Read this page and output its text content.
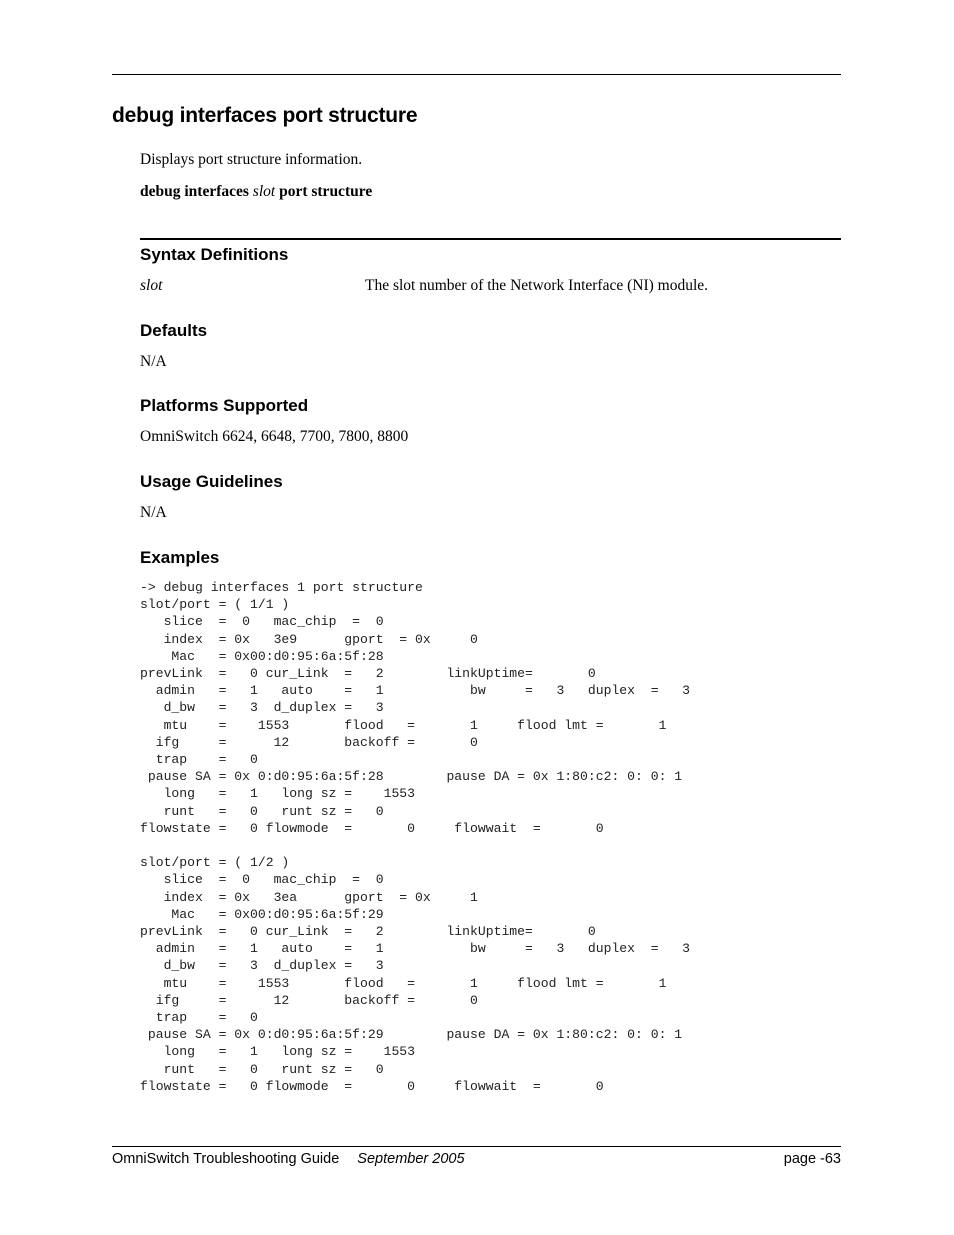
debug interfaces port structure

Displays port structure information.

debug interfaces slot port structure

Syntax Definitions
slot	The slot number of the Network Interface (NI) module.
Defaults

N/A

Platforms Supported

OmniSwitch 6624, 6648, 7700, 7800, 8800

Usage Guidelines

N/A

Examples
-> debug interfaces 1 port structure
slot/port = ( 1/1 )
slice  =  0   mac_chip  =  0
index  = 0x   3e9      gport  = 0x     0
Mac   = 0x00:d0:95:6a:5f:28
prevLink  =   0 cur_Link  =   2        linkUptime=       0
admin   =   1   auto    =   1           bw     =   3   duplex  =   3
d_bw   =   3  d_duplex =   3
mtu    =    1553       flood   =       1     flood lmt =       1
ifg     =      12       backoff =       0
trap    =   0
pause SA = 0x 0:d0:95:6a:5f:28        pause DA = 0x 1:80:c2: 0: 0: 1
long   =   1   long sz =    1553
runt   =   0   runt sz =   0
flowstate =   0 flowmode  =       0     flowwait  =       0

slot/port = ( 1/2 )
slice  =  0   mac_chip  =  0
index  = 0x   3ea      gport  = 0x     1
Mac   = 0x00:d0:95:6a:5f:29
prevLink  =   0 cur_Link  =   2        linkUptime=       0
admin   =   1   auto    =   1           bw     =   3   duplex  =   3
d_bw   =   3  d_duplex =   3
mtu    =    1553       flood   =       1     flood lmt =       1
ifg     =      12       backoff =       0
trap    =   0
pause SA = 0x 0:d0:95:6a:5f:29        pause DA = 0x 1:80:c2: 0: 0: 1
long   =   1   long sz =    1553
runt   =   0   runt sz =   0
flowstate =   0 flowmode  =       0     flowwait  =       0
OmniSwitch Troubleshooting Guide September 2005	page -63
